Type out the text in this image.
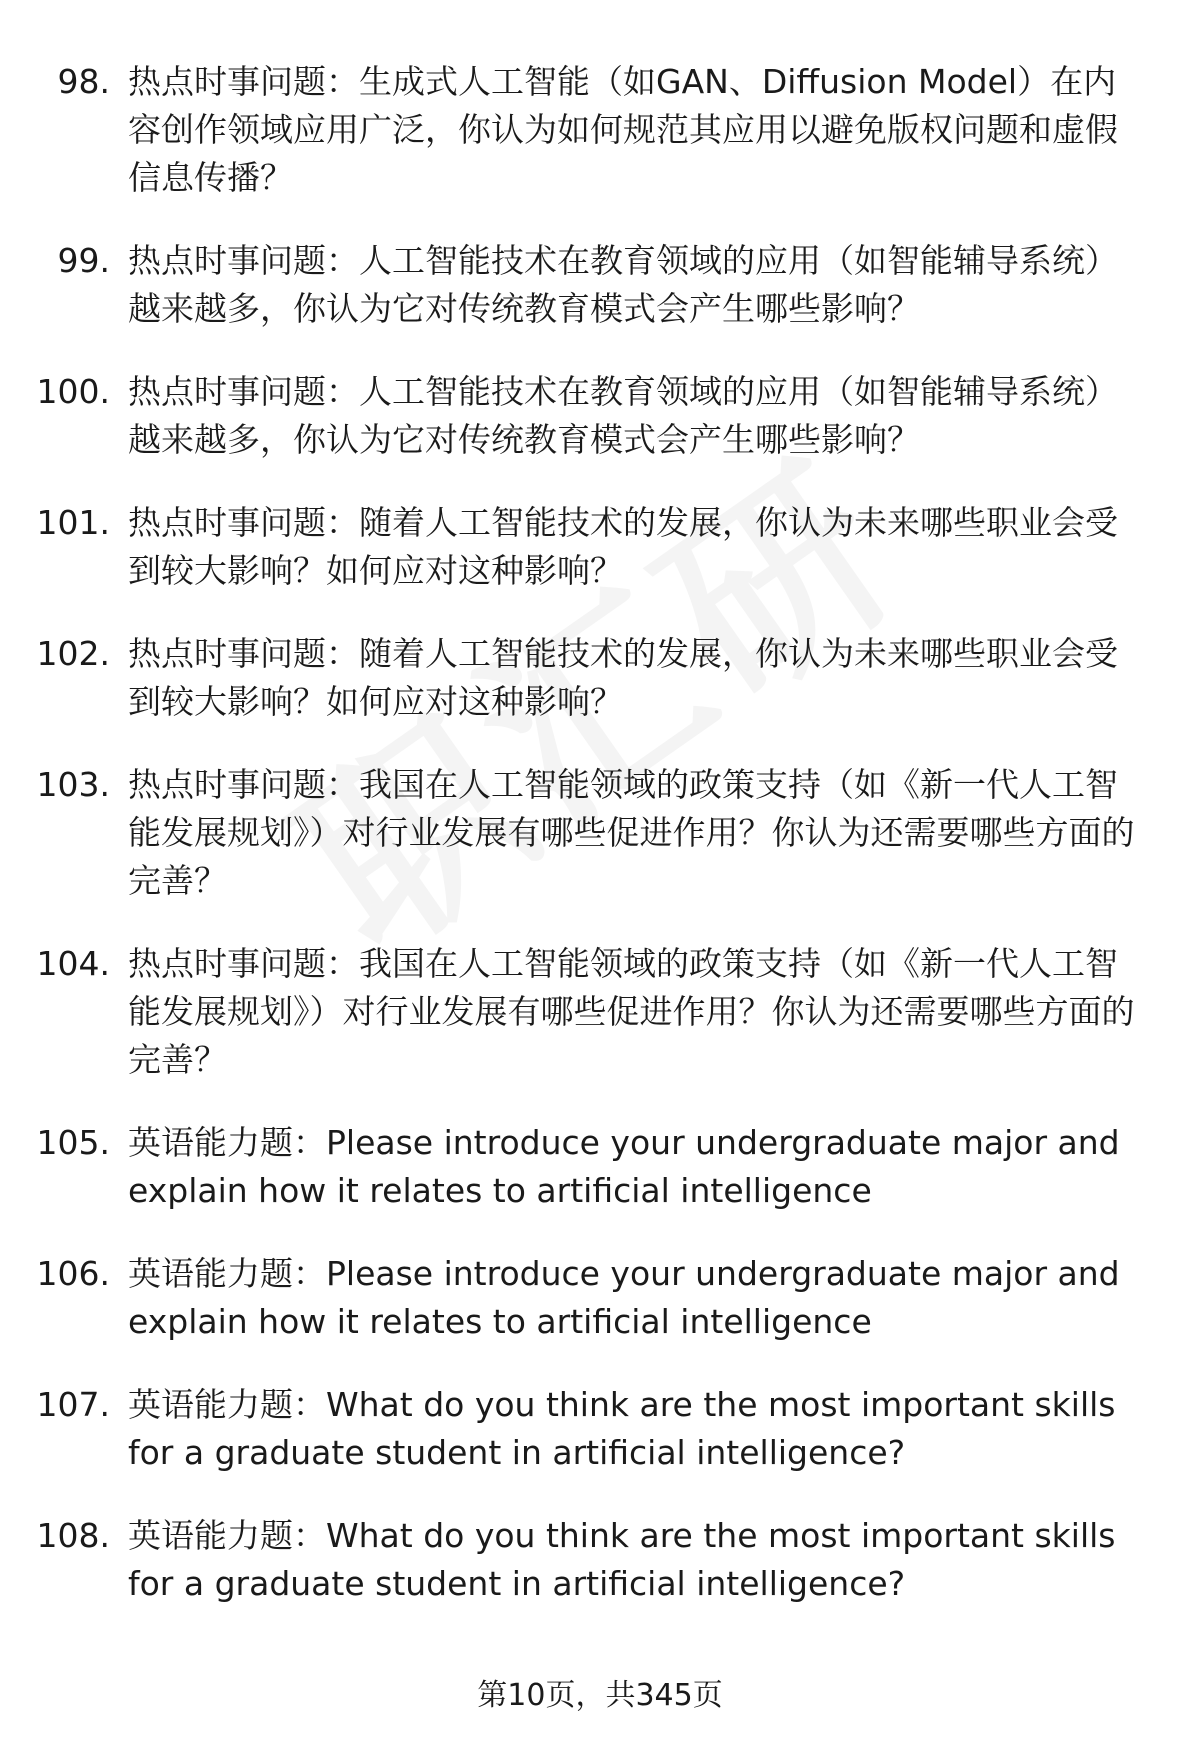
98. 热点时事问题：生成式人工智能（如GAN、Diffusion Model）在内容创作领域应用广泛，你认为如何规范其应用以避免版权问题和虚假信息传播？
99. 热点时事问题：人工智能技术在教育领域的应用（如智能辅导系统）越来越多，你认为它对传统教育模式会产生哪些影响？
100. 热点时事问题：人工智能技术在教育领域的应用（如智能辅导系统）越来越多，你认为它对传统教育模式会产生哪些影响？
101. 热点时事问题：随着人工智能技术的发展，你认为未来哪些职业会受到较大影响？如何应对这种影响？
102. 热点时事问题：随着人工智能技术的发展，你认为未来哪些职业会受到较大影响？如何应对这种影响？
103. 热点时事问题：我国在人工智能领域的政策支持（如《新一代人工智能发展规划》）对行业发展有哪些促进作用？你认为还需要哪些方面的完善？
104. 热点时事问题：我国在人工智能领域的政策支持（如《新一代人工智能发展规划》）对行业发展有哪些促进作用？你认为还需要哪些方面的完善？
105. 英语能力题：Please introduce your undergraduate major and explain how it relates to artificial intelligence
106. 英语能力题：Please introduce your undergraduate major and explain how it relates to artificial intelligence
107. 英语能力题：What do you think are the most important skills for a graduate student in artificial intelligence?
108. 英语能力题：What do you think are the most important skills for a graduate student in artificial intelligence?
第10页，共345页
